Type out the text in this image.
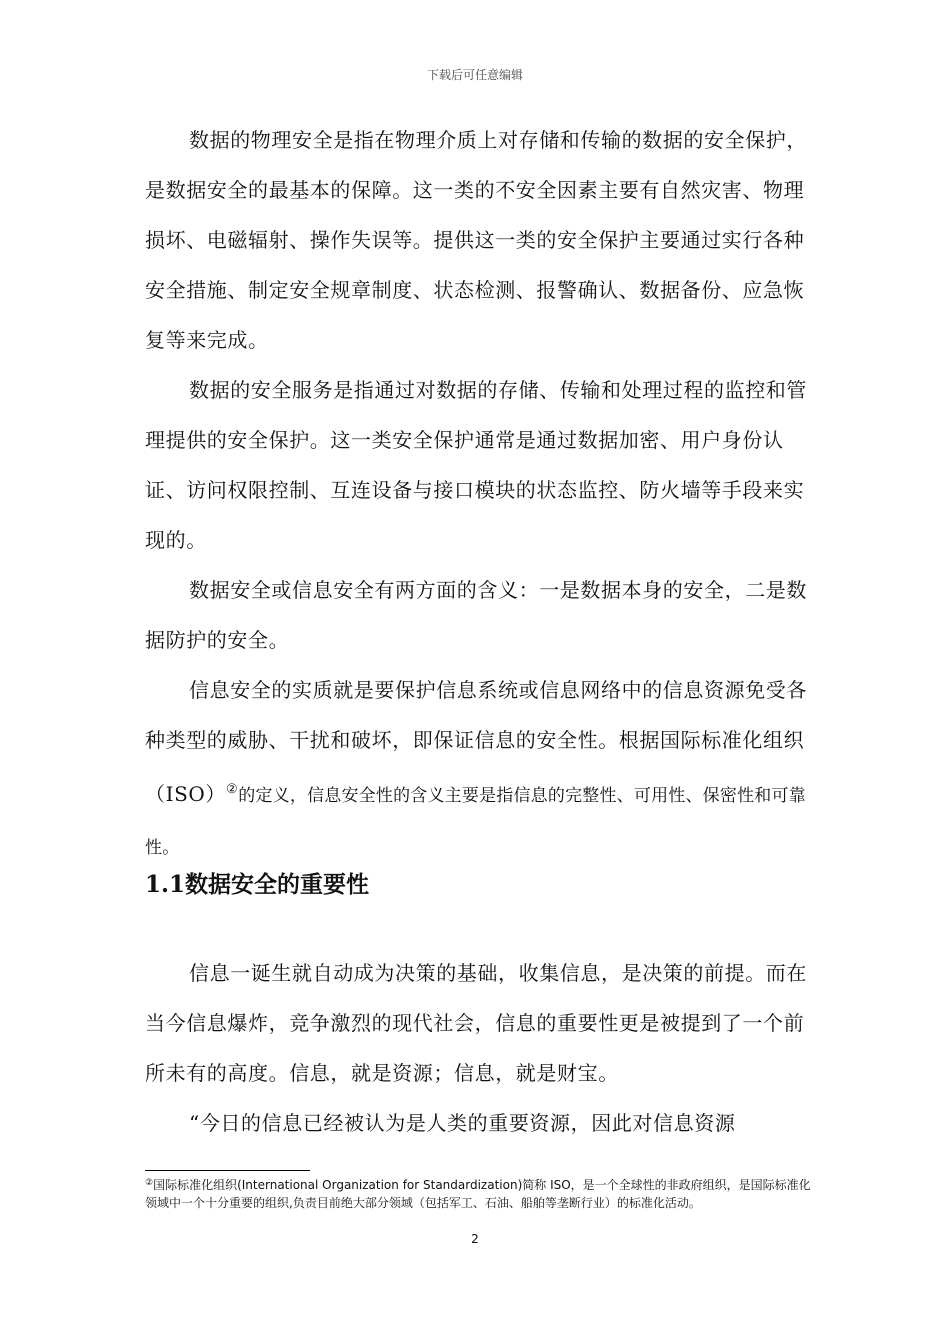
下载后可任意编辑

数据的物理安全是指在物理介质上对存储和传输的数据的安全保护，是数据安全的最基本的保障。这一类的不安全因素主要有自然灾害、物理损坏、电磁辐射、操作失误等。提供这一类的安全保护主要通过实行各种安全措施、制定安全规章制度、状态检测、报警确认、数据备份、应急恢复等来完成。

数据的安全服务是指通过对数据的存储、传输和处理过程的监控和管理提供的安全保护。这一类安全保护通常是通过数据加密、用户身份认证、访问权限控制、互连设备与接口模块的状态监控、防火墙等手段来实现的。

数据安全或信息安全有两方面的含义：一是数据本身的安全，二是数据防护的安全。

信息安全的实质就是要保护信息系统或信息网络中的信息资源免受各种类型的威胁、干扰和破坏，即保证信息的安全性。根据国际标准化组织（ISO）②的定义，信息安全性的含义主要是指信息的完整性、可用性、保密性和可靠性。

1.1数据安全的重要性

信息一诞生就自动成为决策的基础，收集信息，是决策的前提。而在当今信息爆炸，竞争激烈的现代社会，信息的重要性更是被提到了一个前所未有的高度。信息，就是资源；信息，就是财宝。

“今日的信息已经被认为是人类的重要资源，因此对信息资源

②国际标准化组织(International Organization for Standardization)简称 ISO，是一个全球性的非政府组织，是国际标准化领域中一个十分重要的组织,负责目前绝大部分领域（包括军工、石油、船舶等垄断行业）的标准化活动。

2
